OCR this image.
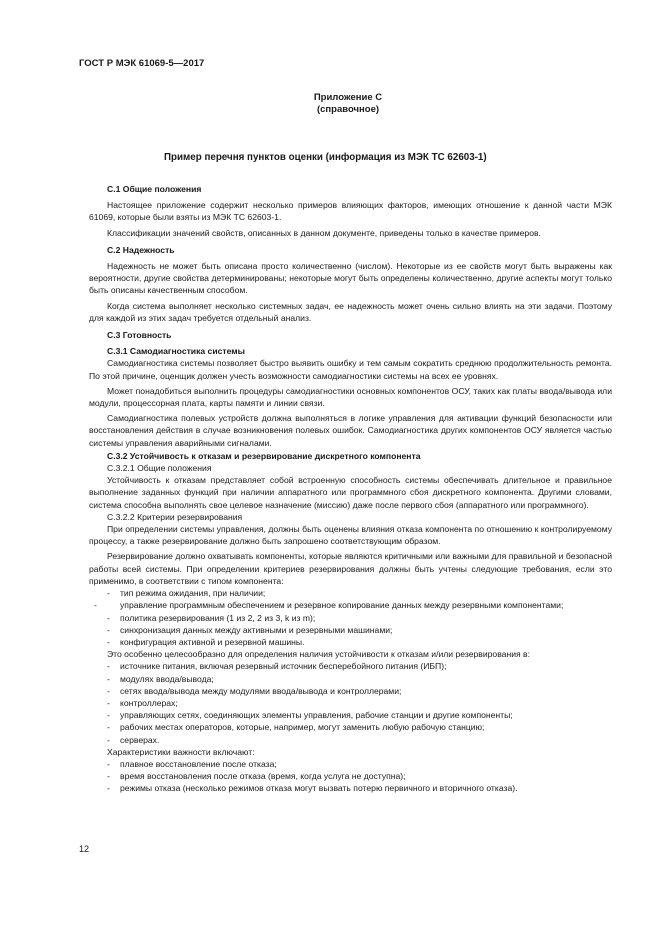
ГОСТ Р МЭК 61069-5—2017
Приложение С
(справочное)
Пример перечня пунктов оценки (информация из МЭК ТС 62603-1)
С.1 Общие положения
Настоящее приложение содержит несколько примеров влияющих факторов, имеющих отношение к данной части МЭК 61069, которые были взяты из МЭК ТС 62603-1.
Классификации значений свойств, описанных в данном документе, приведены только в качестве примеров.
С.2 Надежность
Надежность не может быть описана просто количественно (числом). Некоторые из ее свойств могут быть выражены как вероятности, другие свойства детерминированы; некоторые могут быть определены количественно, другие аспекты могут только быть описаны качественным способом.
Когда система выполняет несколько системных задач, ее надежность может очень сильно влиять на эти задачи. Поэтому для каждой из этих задач требуется отдельный анализ.
С.3 Готовность
С.3.1 Самодиагностика системы
Самодиагностика системы позволяет быстро выявить ошибку и тем самым сократить среднюю продолжительность ремонта. По этой причине, оценщик должен учесть возможности самодиагностики системы на всех ее уровнях.
Может понадобиться выполнить процедуры самодиагностики основных компонентов ОСУ, таких как платы ввода/вывода или модули, процессорная плата, карты памяти и линии связи.
Самодиагностика полевых устройств должна выполняться в логике управления для активации функций безопасности или восстановления действия в случае возникновения полевых ошибок. Самодиагностика других компонентов ОСУ является частью системы управления аварийными сигналами.
С.3.2 Устойчивость к отказам и резервирование дискретного компонента
С.3.2.1 Общие положения
Устойчивость к отказам представляет собой встроенную способность системы обеспечивать длительное и правильное выполнение заданных функций при наличии аппаратного или программного сбоя дискретного компонента. Другими словами, система способна выполнять свое целевое назначение (миссию) даже после первого сбоя (аппаратного или программного).
С.3.2.2 Критерии резервирования
При определении системы управления, должны быть оценены влияния отказа компонента по отношению к контролируемому процессу, а также резервирование должно быть запрошено соответствующим образом.
Резервирование должно охватывать компоненты, которые являются критичными или важными для правильной и безопасной работы всей системы. При определении критериев резервирования должны быть учтены следующие требования, если это применимо, в соответствии с типом компонента:
- тип режима ожидания, при наличии;
-	управление программным обеспечением и резервное копирование данных между резервными компонентами;
- политика резервирования (1 из 2, 2 из 3, k из m);
- синхронизация данных между активными и резервными машинами;
- конфигурация активной и резервной машины.
Это особенно целесообразно для определения наличия устойчивости к отказам и/или резервирования в:
- источнике питания, включая резервный источник бесперебойного питания (ИБП);
- модулях ввода/вывода;
- сетях ввода/вывода между модулями ввода/вывода и контроллерами;
- контроллерах;
- управляющих сетях, соединяющих элементы управления, рабочие станции и другие компоненты;
- рабочих местах операторов, которые, например, могут заменить любую рабочую станцию;
- серверах.
Характеристики важности включают:
- плавное восстановление после отказа;
- время восстановления после отказа (время, когда услуга не доступна);
- режимы отказа (несколько режимов отказа могут вызвать потерю первичного и вторичного отказа).
12
